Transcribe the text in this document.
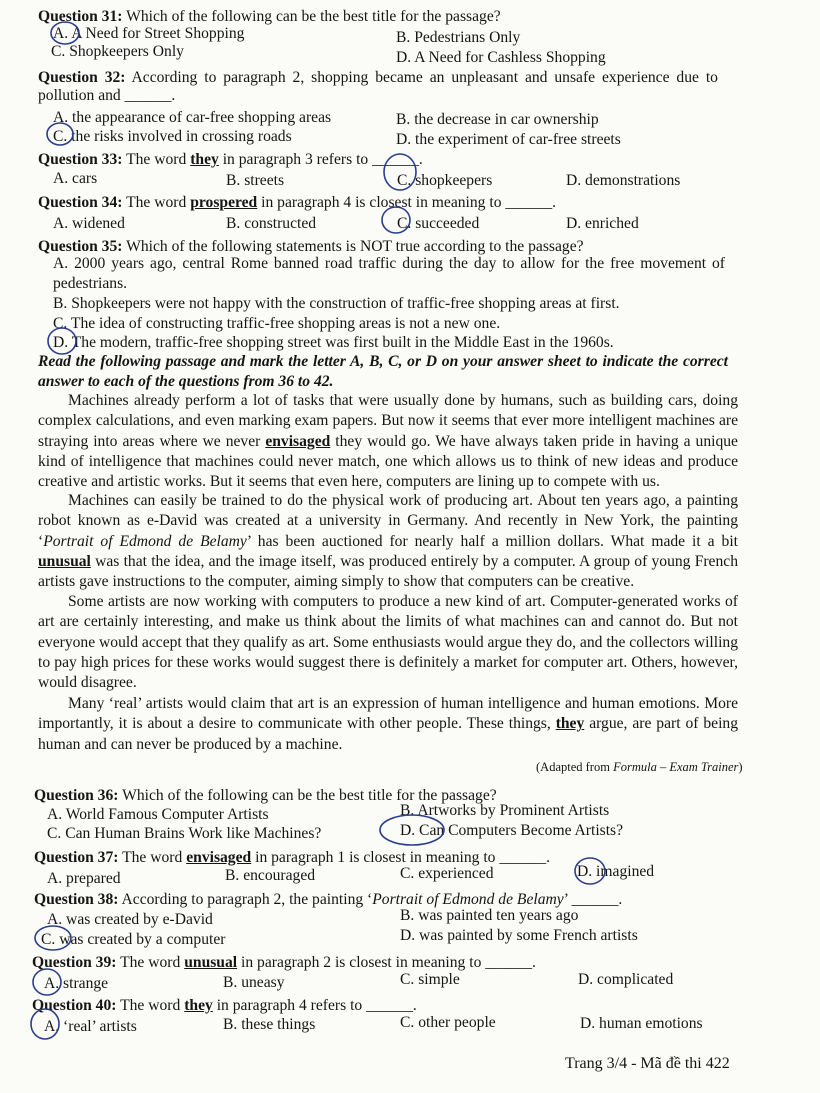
Question 31: Which of the following can be the best title for the passage?
A. A Need for Street Shopping	B. Pedestrians Only
C. Shopkeepers Only	D. A Need for Cashless Shopping
Question 32: According to paragraph 2, shopping became an unpleasant and unsafe experience due to
pollution and ______.
A. the appearance of car-free shopping areas	B. the decrease in car ownership
C. the risks involved in crossing roads	D. the experiment of car-free streets
Question 33: The word they in paragraph 3 refers to ______.
A. cars	B. streets	C. shopkeepers	D. demonstrations
Question 34: The word prospered in paragraph 4 is closest in meaning to ______.
A. widened	B. constructed	C. succeeded	D. enriched
Question 35: Which of the following statements is NOT true according to the passage?
A. 2000 years ago, central Rome banned road traffic during the day to allow for the free movement of pedestrians.
B. Shopkeepers were not happy with the construction of traffic-free shopping areas at first.
C. The idea of constructing traffic-free shopping areas is not a new one.
D. The modern, traffic-free shopping street was first built in the Middle East in the 1960s.

Read the following passage and mark the letter A, B, C, or D on your answer sheet to indicate the correct answer to each of the questions from 36 to 42.

Machines already perform a lot of tasks that were usually done by humans, such as building cars, doing complex calculations, and even marking exam papers. But now it seems that ever more intelligent machines are straying into areas where we never envisaged they would go. We have always taken pride in having a unique kind of intelligence that machines could never match, one which allows us to think of new ideas and produce creative and artistic works. But it seems that even here, computers are lining up to compete with us.

Machines can easily be trained to do the physical work of producing art. About ten years ago, a painting robot known as e-David was created at a university in Germany. And recently in New York, the painting ‘Portrait of Edmond de Belamy’ has been auctioned for nearly half a million dollars. What made it a bit unusual was that the idea, and the image itself, was produced entirely by a computer. A group of young French artists gave instructions to the computer, aiming simply to show that computers can be creative.

Some artists are now working with computers to produce a new kind of art. Computer-generated works of art are certainly interesting, and make us think about the limits of what machines can and cannot do. But not everyone would accept that they qualify as art. Some enthusiasts would argue they do, and the collectors willing to pay high prices for these works would suggest there is definitely a market for computer art. Others, however, would disagree.

Many ‘real’ artists would claim that art is an expression of human intelligence and human emotions. More importantly, it is about a desire to communicate with other people. These things, they argue, are part of being human and can never be produced by a machine.

(Adapted from Formula – Exam Trainer)
Question 36: Which of the following can be the best title for the passage?
A. World Famous Computer Artists	B. Artworks by Prominent Artists
C. Can Human Brains Work like Machines?	D. Can Computers Become Artists?
Question 37: The word envisaged in paragraph 1 is closest in meaning to ______.
A. prepared	B. encouraged	C. experienced	D. imagined
Question 38: According to paragraph 2, the painting ‘Portrait of Edmond de Belamy’ ______.
A. was created by e-David	B. was painted ten years ago
C. was created by a computer	D. was painted by some French artists
Question 39: The word unusual in paragraph 2 is closest in meaning to ______.
A. strange	B. uneasy	C. simple	D. complicated
Question 40: The word they in paragraph 4 refers to ______.
A. ‘real’ artists	B. these things	C. other people	D. human emotions
Trang 3/4 - Mã đề thi 422
